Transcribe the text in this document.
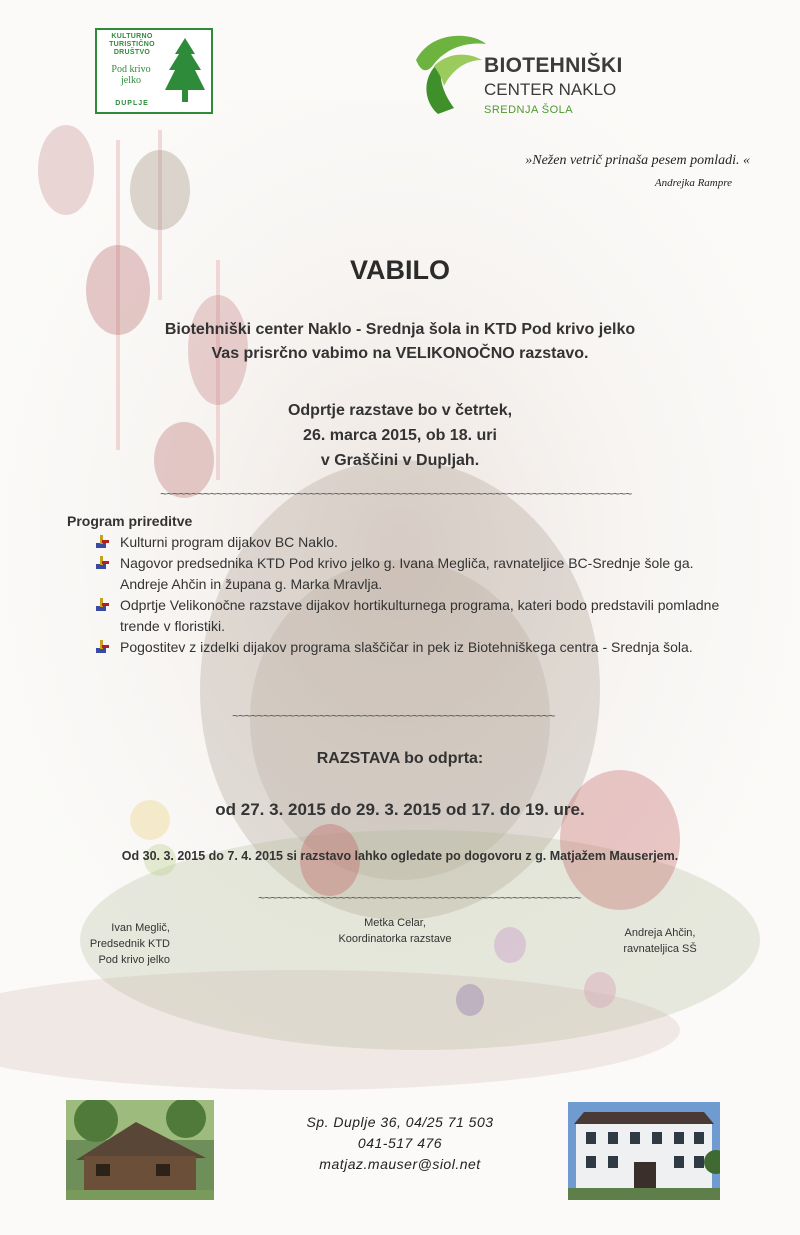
KULTURNO TURISTIČNO DRUŠTVO
Pod krivo jelko
DUPLJE
BIOTEHNIŠKI
CENTER NAKLO
SREDNJA ŠOLA
»Nežen vetrič prinaša pesem pomladi. «
Andrejka Rampre
VABILO
Biotehniški center Naklo - Srednja šola in KTD Pod krivo jelko
Vas prisrčno vabimo na VELIKONOČNO razstavo.
Odprtje razstave bo v četrtek,
26. marca 2015, ob 18. uri
v Graščini v Dupljah.
~~~~~~~~~~~~~~~~~~~~~~~~~~~~~~~~~~~~~~~~~~~~~~~~~~~~~~~~~~~~~~~~~~~~~~~~~~~~
Program prireditve
Kulturni program dijakov BC Naklo.
Nagovor predsednika KTD Pod krivo jelko g. Ivana Megliča, ravnateljice BC-Srednje šole ga. Andreje Ahčin in župana g. Marka Mravlja.
Odprtje Velikonočne razstave dijakov hortikulturnega programa, kateri bodo predstavili pomladne trende v floristiki.
Pogostitev z izdelki dijakov programa slaščičar in pek iz Biotehniškega centra - Srednja šola.
~~~~~~~~~~~~~~~~~~~~~~~~~~~~~~~~~~~~~~~~~~~~~~~~~~~~
RAZSTAVA bo odprta:
od 27. 3. 2015 do 29. 3. 2015 od 17. do 19. ure.
Od 30. 3. 2015 do 7. 4. 2015 si razstavo lahko ogledate po dogovoru z g. Matjažem Mauserjem.
~~~~~~~~~~~~~~~~~~~~~~~~~~~~~~~~~~~~~~~~~~~~~~~~~~~~
Ivan Meglič,
Predsednik KTD
Pod krivo jelko
Metka Celar,
Koordinatorka razstave	Andreja Ahčin,
ravnateljica SŠ
Sp. Duplje 36, 04/25 71 503
041-517 476
matjaz.mauser@siol.net
